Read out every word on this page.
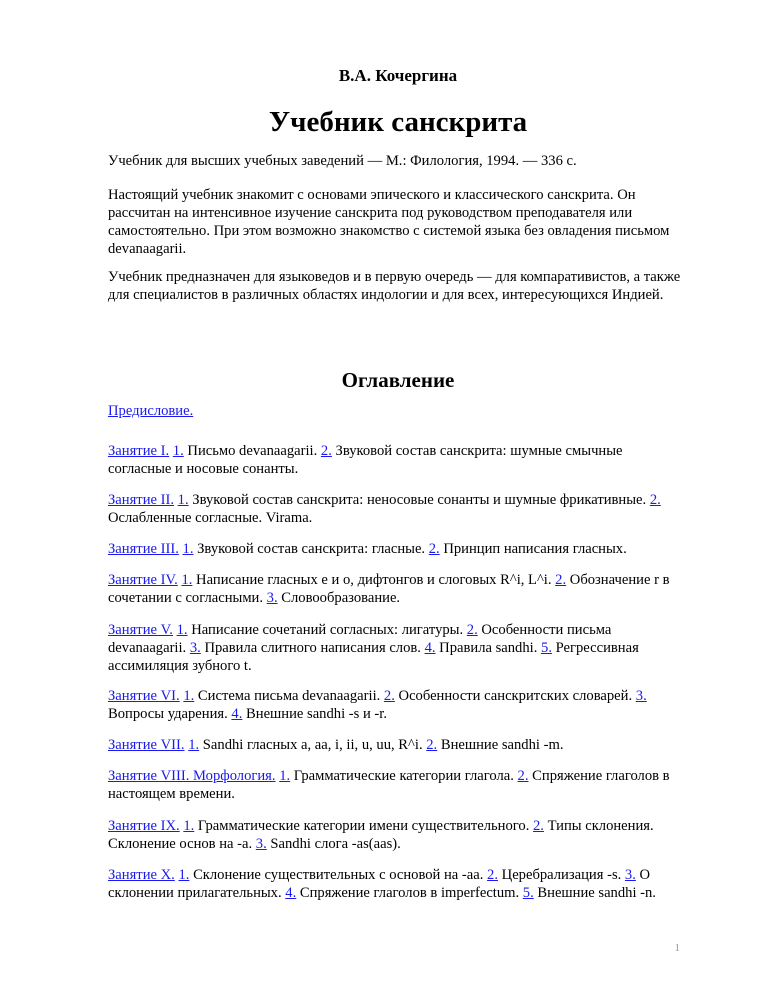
В.А. Кочергина
Учебник санскрита

Учебник для высших учебных заведений — М.: Филология, 1994. — 336 с.

Настоящий учебник знакомит с основами эпического и классического санскрита. Он рассчитан на интенсивное изучение санскрита под руководством преподавателя или самостоятельно. При этом возможно знакомство с системой языка без овладения письмом devanaagarii.

Учебник предназначен для языковедов и в первую очередь — для компаративистов, а также для специалистов в различных областях индологии и для всех, интересующихся Индией.

Оглавление

Предисловие.

Занятие I. 1. Письмо devanaagarii. 2. Звуковой состав санскрита: шумные смычные согласные и носовые сонанты.

Занятие II. 1. Звуковой состав санскрита: неносовые сонанты и шумные фрикативные. 2. Ослабленные согласные. Virama.

Занятие III. 1. Звуковой состав санскрита: гласные. 2. Принцип написания гласных.

Занятие IV. 1. Написание гласных e и o, дифтонгов и слоговых R^i, L^i. 2. Обозначение r в сочетании с согласными. 3. Словообразование.

Занятие V. 1. Написание сочетаний согласных: лигатуры. 2. Особенности письма devanaagarii. 3. Правила слитного написания слов. 4. Правила sandhi. 5. Регрессивная ассимиляция зубного t.

Занятие VI. 1. Система письма devanaagarii. 2. Особенности санскритских словарей. 3. Вопросы ударения. 4. Внешние sandhi -s и -r.

Занятие VII. 1. Sandhi гласных a, aa, i, ii, u, uu, R^i. 2. Внешние sandhi -m.

Занятие VIII. Морфология. 1. Грамматические категории глагола. 2. Спряжение глаголов в настоящем времени.

Занятие IX. 1. Грамматические категории имени существительного. 2. Типы склонения. Склонение основ на -a. 3. Sandhi слога -as(aas).

Занятие X. 1. Склонение существительных с основой на -aa. 2. Церебрализация -s. 3. О склонении прилагательных. 4. Спряжение глаголов в imperfectum. 5. Внешние sandhi -n.

1
